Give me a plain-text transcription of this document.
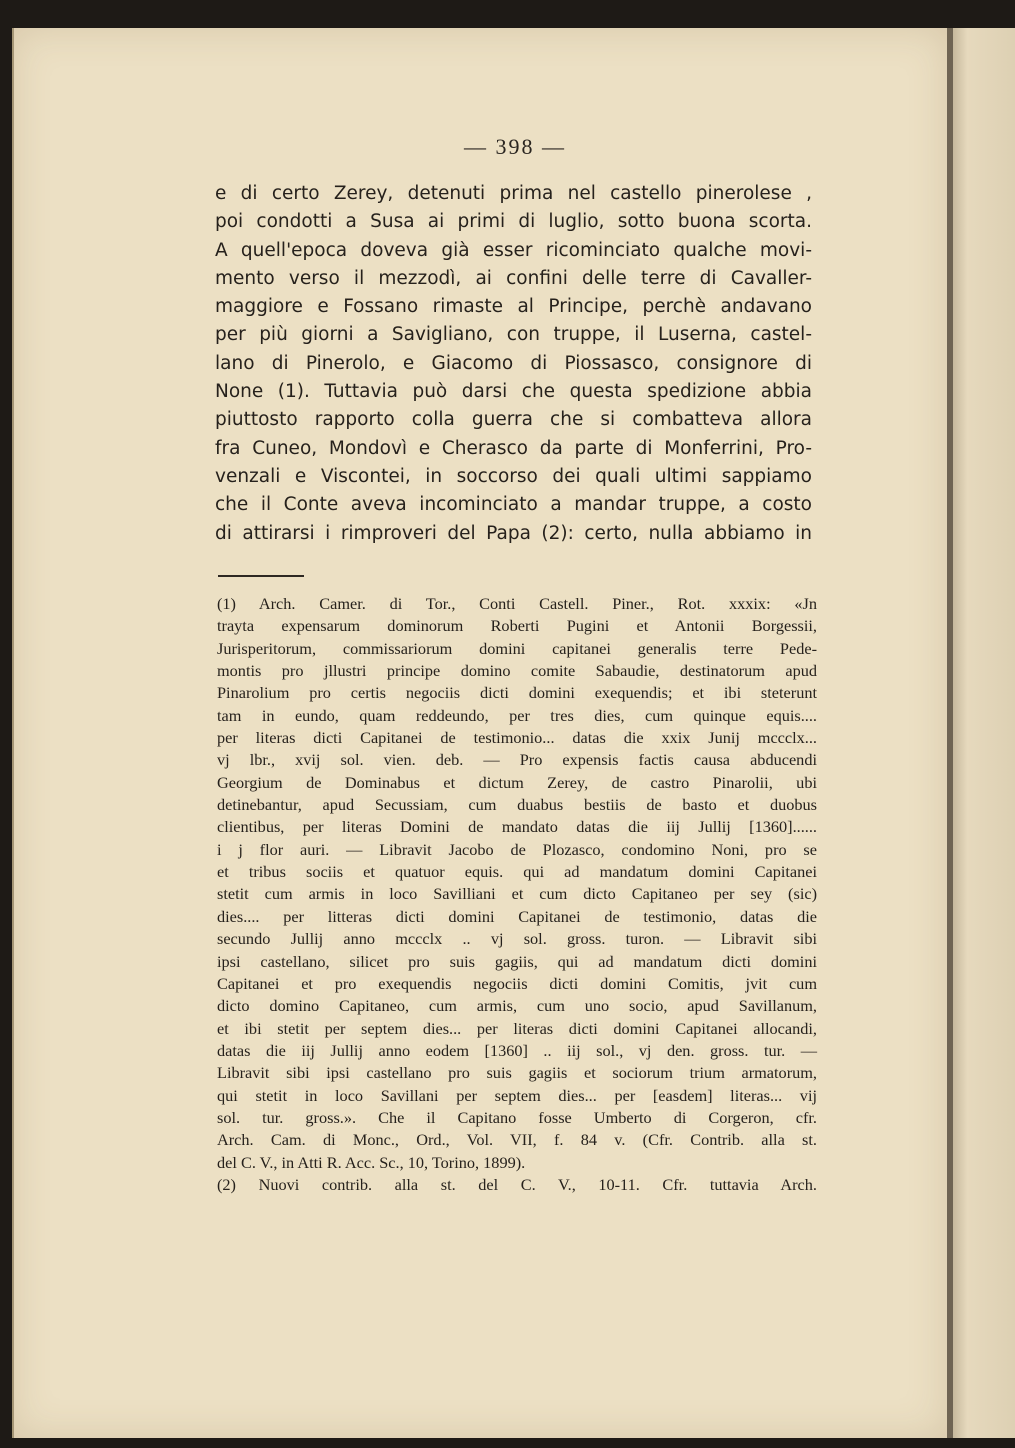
— 398 —
e di certo Zerey, detenuti prima nel castello pinerolese ,
poi condotti a Susa ai primi di luglio, sotto buona scorta.
A quell'epoca doveva già esser ricominciato qualche movi-
mento verso il mezzodì, ai confini delle terre di Cavaller-
maggiore e Fossano rimaste al Principe, perchè andavano
per più giorni a Savigliano, con truppe, il Luserna, castel-
lano di Pinerolo, e Giacomo di Piossasco, consignore di
None (1). Tuttavia può darsi che questa spedizione abbia
piuttosto rapporto colla guerra che si combatteva allora
fra Cuneo, Mondovì e Cherasco da parte di Monferrini, Pro-
venzali e Viscontei, in soccorso dei quali ultimi sappiamo
che il Conte aveva incominciato a mandar truppe, a costo
di attirarsi i rimproveri del Papa (2): certo, nulla abbiamo in
(1) Arch. Camer. di Tor., Conti Castell. Piner., Rot. xxxix: «Jn
trayta expensarum dominorum Roberti Pugini et Antonii Borgessii,
Jurisperitorum, commissariorum domini capitanei generalis terre Pede-
montis pro jllustri principe domino comite Sabaudie, destinatorum apud
Pinarolium pro certis negociis dicti domini exequendis; et ibi steterunt
tam in eundo, quam reddeundo, per tres dies, cum quinque equis....
per literas dicti Capitanei de testimonio... datas die xxix Junij mccclx...
vj lbr., xvij sol. vien. deb. — Pro expensis factis causa abducendi
Georgium de Dominabus et dictum Zerey, de castro Pinarolii, ubi
detinebantur, apud Secussiam, cum duabus bestiis de basto et duobus
clientibus, per literas Domini de mandato datas die iij Jullij [1360]......
i j flor auri. — Libravit Jacobo de Plozasco, condomino Noni, pro se
et tribus sociis et quatuor equis. qui ad mandatum domini Capitanei
stetit cum armis in loco Savilliani et cum dicto Capitaneo per sey (sic)
dies.... per litteras dicti domini Capitanei de testimonio, datas die
secundo Jullij anno mccclx .. vj sol. gross. turon. — Libravit sibi
ipsi castellano, silicet pro suis gagiis, qui ad mandatum dicti domini
Capitanei et pro exequendis negociis dicti domini Comitis, jvit cum
dicto domino Capitaneo, cum armis, cum uno socio, apud Savillanum,
et ibi stetit per septem dies... per literas dicti domini Capitanei allocandi,
datas die iij Jullij anno eodem [1360] .. iij sol., vj den. gross. tur. —
Libravit sibi ipsi castellano pro suis gagiis et sociorum trium armatorum,
qui stetit in loco Savillani per septem dies... per [easdem] literas... vij
sol. tur. gross.». Che il Capitano fosse Umberto di Corgeron, cfr.
Arch. Cam. di Monc., Ord., Vol. VII, f. 84 v. (Cfr. Contrib. alla st.
del C. V., in Atti R. Acc. Sc., 10, Torino, 1899).
(2) Nuovi contrib. alla st. del C. V., 10-11. Cfr. tuttavia Arch.
